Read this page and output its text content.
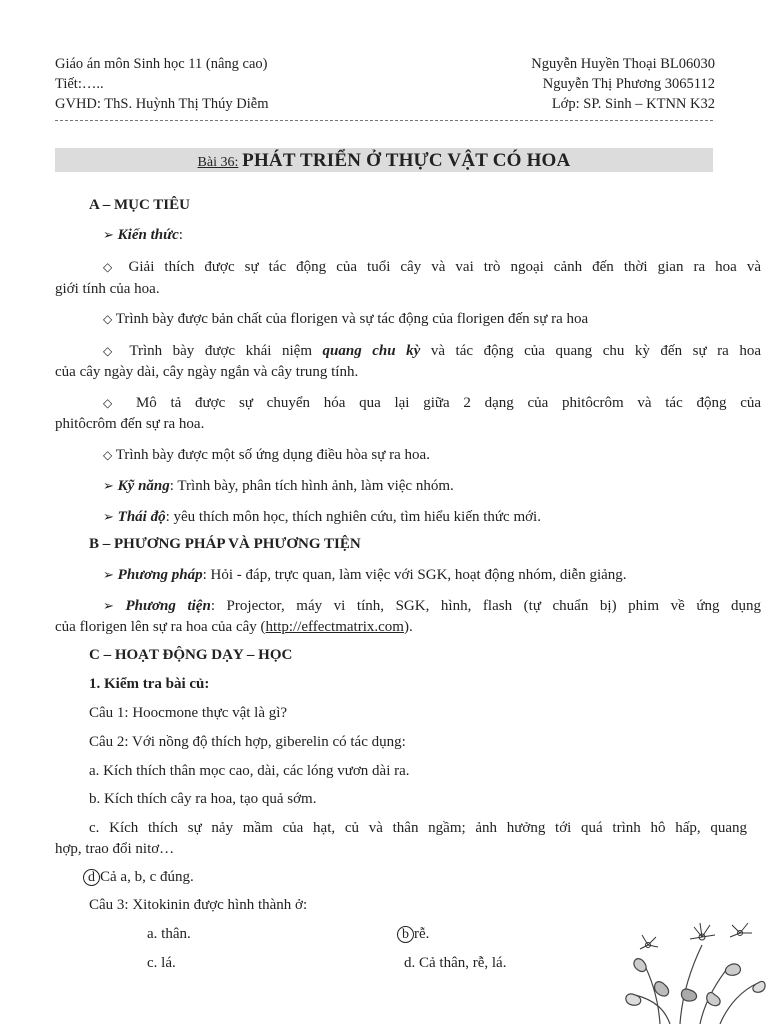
Giáo án môn Sinh học 11 (nâng cao)	Nguyễn Huyền Thoại BL06030
Tiết:…..	Nguyễn Thị Phương 3065112
GVHD: ThS. Huỳnh Thị Thúy Diễm	Lớp: SP. Sinh – KTNN K32
Bài 36: PHÁT TRIỂN Ở THỰC VẬT CÓ HOA
A – MỤC TIÊU
➢ Kiến thức:
◇ Giải thích được sự tác động của tuổi cây và vai trò ngoại cảnh đến thời gian ra hoa và
giới tính của hoa.
◇ Trình bày được bản chất của florigen và sự tác động của florigen đến sự ra hoa
◇ Trình bày được khái niệm quang chu kỳ và tác động của quang chu kỳ đến sự ra hoa
của cây ngày dài, cây ngày ngắn và cây trung tính.
◇ Mô tả được sự chuyển hóa qua lại giữa 2 dạng của phitôcrôm và tác động của
phitôcrôm đến sự ra hoa.
◇ Trình bày được một số ứng dụng điều hòa sự ra hoa.
➢ Kỹ năng: Trình bày, phân tích hình ảnh, làm việc nhóm.
➢ Thái độ: yêu thích môn học, thích nghiên cứu, tìm hiểu kiến thức mới.
B – PHƯƠNG PHÁP VÀ PHƯƠNG TIỆN
➢ Phương pháp: Hỏi - đáp, trực quan, làm việc với SGK, hoạt động nhóm, diễn giảng.
➢ Phương tiện: Projector, máy vi tính, SGK, hình, flash (tự chuẩn bị) phim về ứng dụng
của florigen lên sự ra hoa của cây (http://effectmatrix.com).
C – HOẠT ĐỘNG DẠY – HỌC
1. Kiểm tra bài củ:
Câu 1: Hoocmone thực vật là gì?
Câu 2: Với nồng độ thích hợp, giberelin có tác dụng:
a. Kích thích thân mọc cao, dài, các lóng vươn dài ra.
b. Kích thích cây ra hoa, tạo quả sớm.
c. Kích thích sự nảy mầm của hạt, củ và thân ngầm; ảnh hưởng tới quá trình hô hấp, quang
hợp, trao đổi nitơ…
d Cả a, b, c đúng.
Câu 3: Xitokinin được hình thành ở:
a. thân.	b rễ.
c. lá.	d. Cả thân, rễ, lá.
